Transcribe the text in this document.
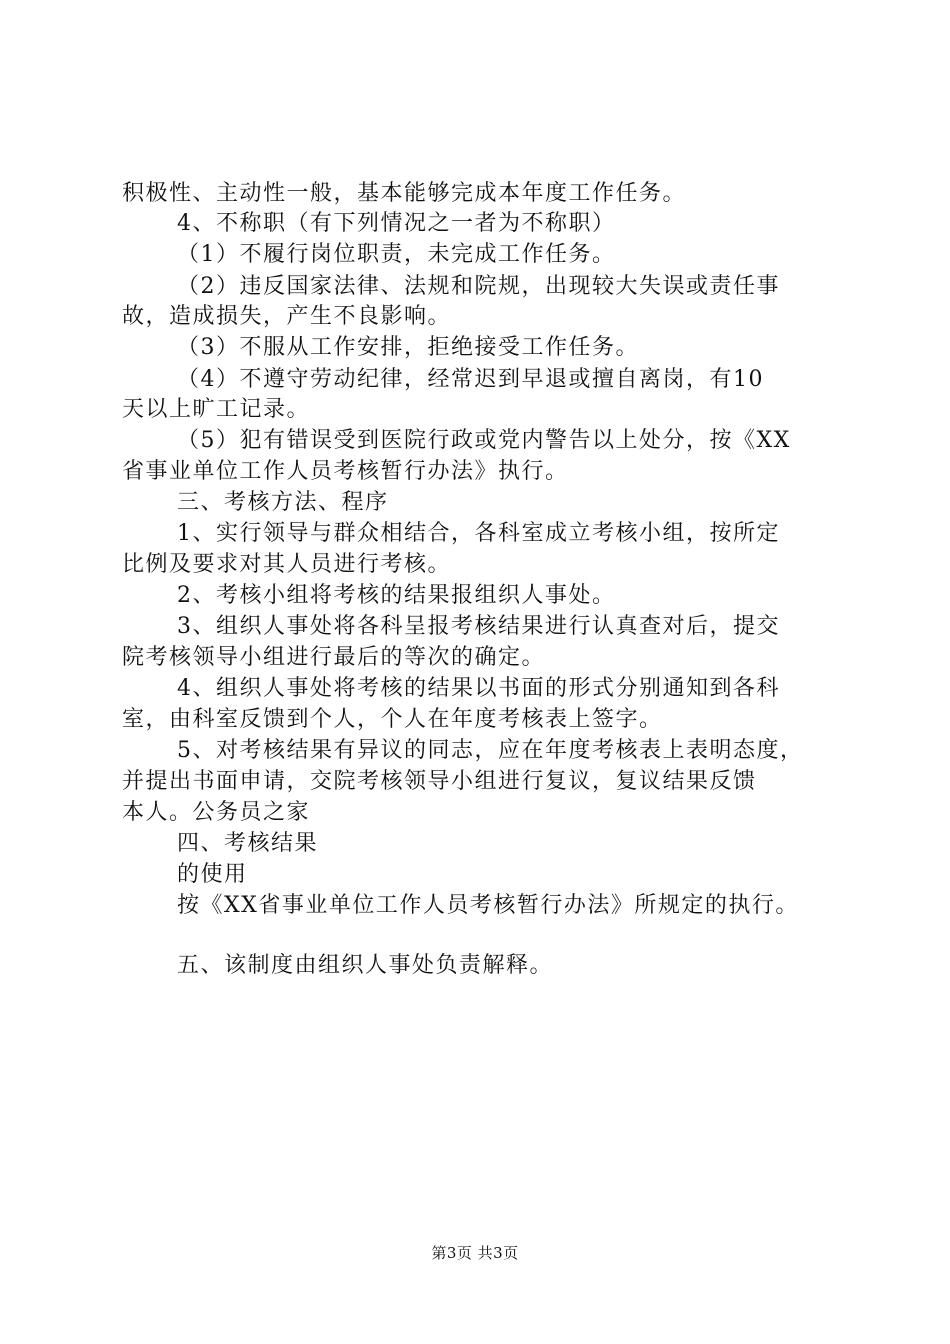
积极性、主动性一般，基本能够完成本年度工作任务。
4、不称职（有下列情况之一者为不称职）
（1）不履行岗位职责，未完成工作任务。
（2）违反国家法律、法规和院规，出现较大失误或责任事
故，造成损失，产生不良影响。
（3）不服从工作安排，拒绝接受工作任务。
（4）不遵守劳动纪律，经常迟到早退或擅自离岗，有10
天以上旷工记录。
（5）犯有错误受到医院行政或党内警告以上处分，按《XX
省事业单位工作人员考核暂行办法》执行。
三、考核方法、程序
1、实行领导与群众相结合，各科室成立考核小组，按所定
比例及要求对其人员进行考核。
2、考核小组将考核的结果报组织人事处。
3、组织人事处将各科呈报考核结果进行认真查对后，提交
院考核领导小组进行最后的等次的确定。
4、组织人事处将考核的结果以书面的形式分别通知到各科
室，由科室反馈到个人，个人在年度考核表上签字。
5、对考核结果有异议的同志，应在年度考核表上表明态度，
并提出书面申请，交院考核领导小组进行复议，复议结果反馈
本人。公务员之家
四、考核结果
的使用
按《XX省事业单位工作人员考核暂行办法》所规定的执行。
五、该制度由组织人事处负责解释。
第3页 共3页
